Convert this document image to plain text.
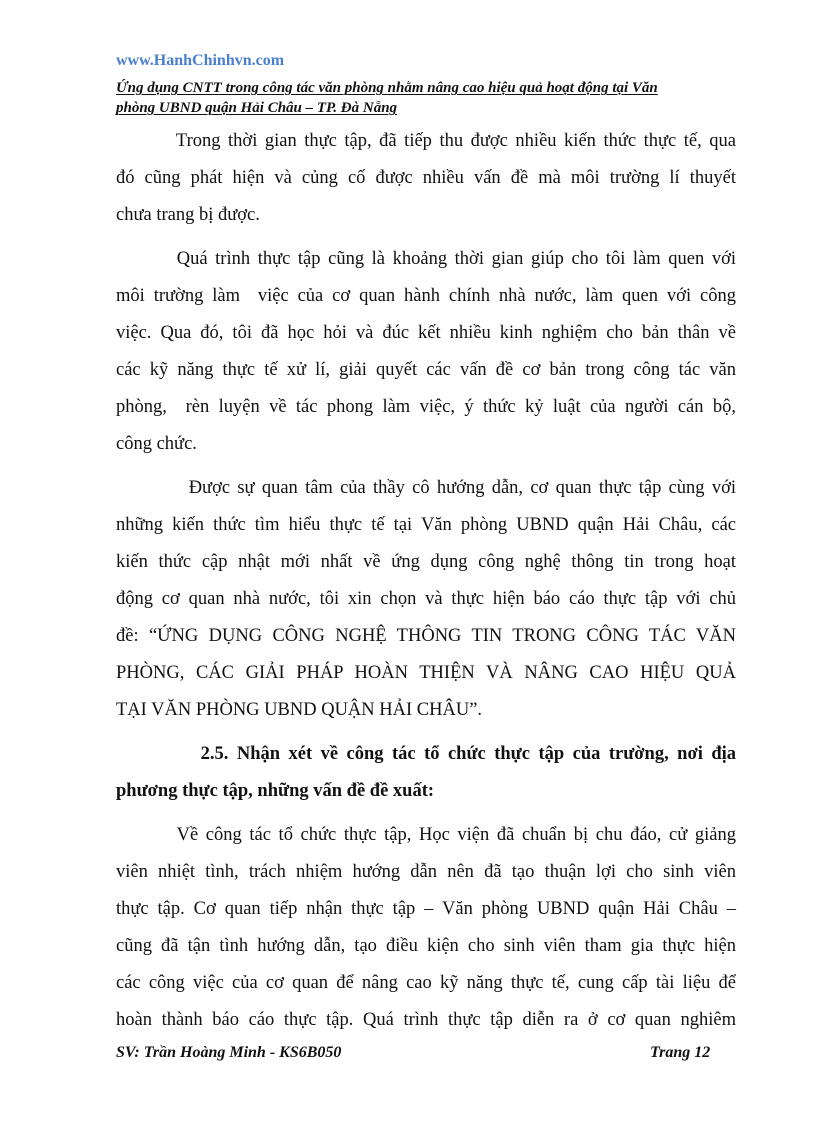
www.HanhChinhvn.com
Ứng dụng CNTT trong công tác văn phòng nhằm nâng cao hiệu quả hoạt động tại Văn
phòng UBND quận Hải Châu – TP. Đà Nẵng

Trong thời gian thực tập, đã tiếp thu được nhiều kiến thức thực tế, qua
đó cũng phát hiện và củng cố được nhiều vấn đề mà môi trường lí thuyết
chưa trang bị được.

Quá trình thực tập cũng là khoảng thời gian giúp cho tôi làm quen với
môi trường làm  việc của cơ quan hành chính nhà nước, làm quen với công
việc. Qua đó, tôi đã học hỏi và đúc kết nhiều kinh nghiệm cho bản thân về
các kỹ năng thực tế xử lí, giải quyết các vấn đề cơ bản trong công tác văn
phòng,  rèn luyện về tác phong làm việc, ý thức kỷ luật của người cán bộ,
công chức.

Được sự quan tâm của thầy cô hướng dẫn, cơ quan thực tập cùng với
những kiến thức tìm hiểu thực tế tại Văn phòng UBND quận Hải Châu, các
kiến thức cập nhật mới nhất về ứng dụng công nghệ thông tin trong hoạt
động cơ quan nhà nước, tôi xin chọn và thực hiện báo cáo thực tập với chủ
đề: “ỨNG DỤNG CÔNG NGHỆ THÔNG TIN TRONG CÔNG TÁC VĂN
PHÒNG, CÁC GIẢI PHÁP HOÀN THIỆN VÀ NÂNG CAO HIỆU QUẢ
TẠI VĂN PHÒNG UBND QUẬN HẢI CHÂU”.

2.5. Nhận xét về công tác tổ chức thực tập của trường, nơi địa
phương thực tập, những vấn đề đề xuất:

Về công tác tổ chức thực tập, Học viện đã chuẩn bị chu đáo, cử giảng
viên nhiệt tình, trách nhiệm hướng dẫn nên đã tạo thuận lợi cho sinh viên
thực tập. Cơ quan tiếp nhận thực tập – Văn phòng UBND quận Hải Châu –
cũng đã tận tình hướng dẫn, tạo điều kiện cho sinh viên tham gia thực hiện
các công việc của cơ quan để nâng cao kỹ năng thực tế, cung cấp tài liệu để
hoàn thành báo cáo thực tập. Quá trình thực tập diễn ra ở cơ quan nghiêm

SV: Trần Hoàng Minh - KS6B050	Trang 12
